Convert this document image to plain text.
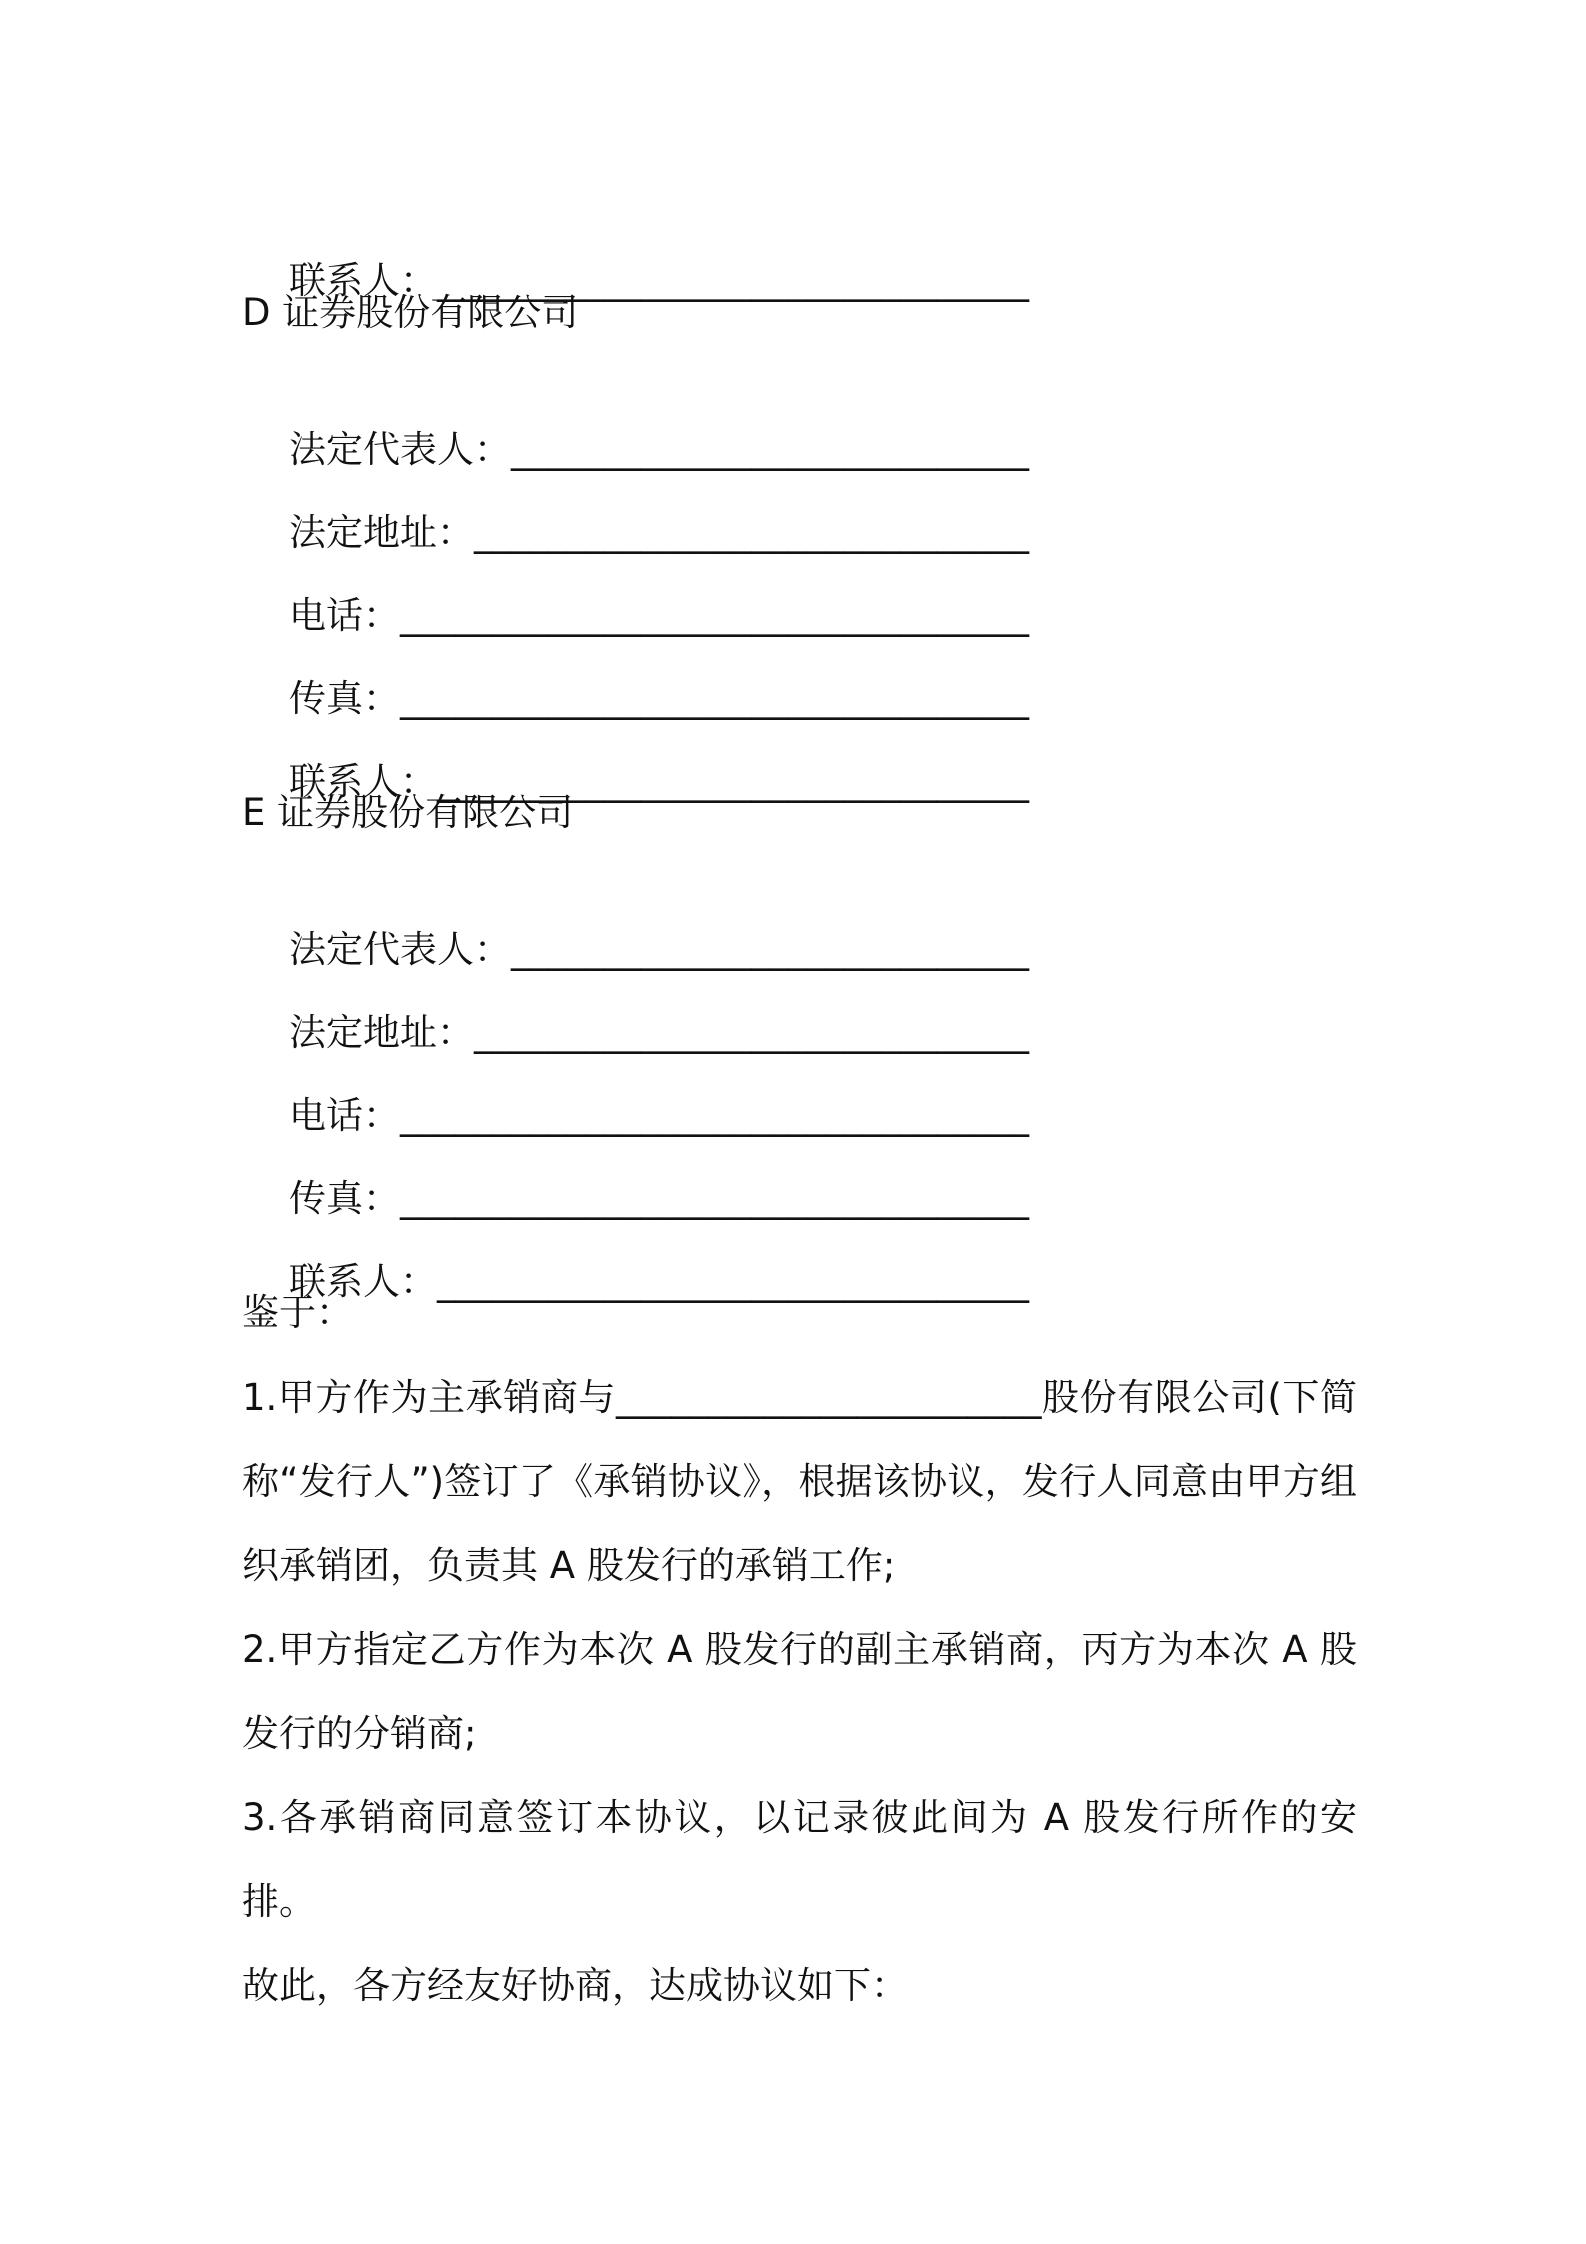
联系人：________________________________

D 证券股份有限公司

法定代表人：____________________________

法定地址：______________________________

电话：__________________________________

传真：__________________________________

联系人：________________________________

E 证券股份有限公司

法定代表人：____________________________

法定地址：______________________________

电话：__________________________________

传真：__________________________________

联系人：________________________________

鉴于：
1.甲方作为主承销商与_______________________股份有限公司(下简称“发行人”)签订了《承销协议》，根据该协议，发行人同意由甲方组织承销团，负责其 A 股发行的承销工作;
2.甲方指定乙方作为本次 A 股发行的副主承销商，丙方为本次 A 股发行的分销商;
3.各承销商同意签订本协议，以记录彼此间为 A 股发行所作的安排。
故此，各方经友好协商，达成协议如下：
